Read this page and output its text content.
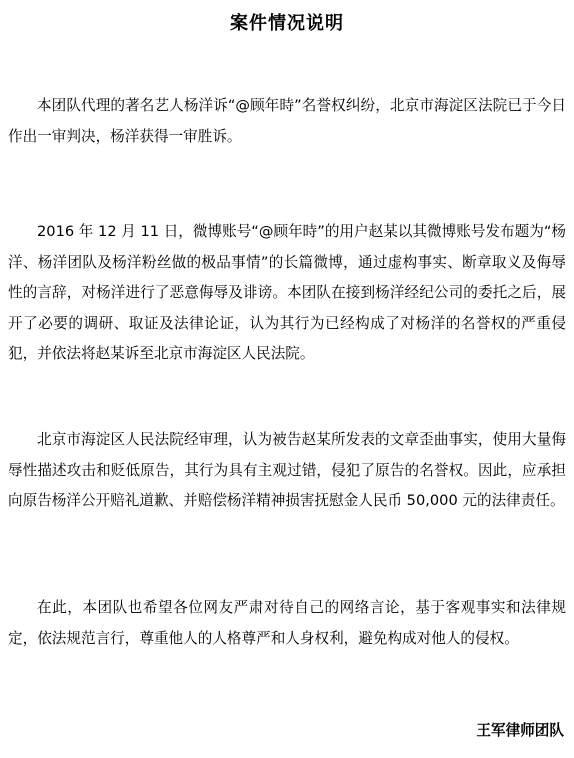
案件情况说明

本团队代理的著名艺人杨洋诉“@顾年時”名誉权纠纷，北京市海淀区法院已于今日作出一审判决，杨洋获得一审胜诉。

2016 年 12 月 11 日，微博账号“@顾年時”的用户赵某以其微博账号发布题为“杨洋、杨洋团队及杨洋粉丝做的极品事情”的长篇微博，通过虚构事实、断章取义及侮辱性的言辞，对杨洋进行了恶意侮辱及诽谤。本团队在接到杨洋经纪公司的委托之后，展开了必要的调研、取证及法律论证，认为其行为已经构成了对杨洋的名誉权的严重侵犯，并依法将赵某诉至北京市海淀区人民法院。

北京市海淀区人民法院经审理，认为被告赵某所发表的文章歪曲事实，使用大量侮辱性描述攻击和贬低原告，其行为具有主观过错，侵犯了原告的名誉权。因此，应承担向原告杨洋公开赔礼道歉、并赔偿杨洋精神损害抚慰金人民币 50,000 元的法律责任。

在此，本团队也希望各位网友严肃对待自己的网络言论，基于客观事实和法律规定，依法规范言行，尊重他人的人格尊严和人身权利，避免构成对他人的侵权。

王军律师团队
